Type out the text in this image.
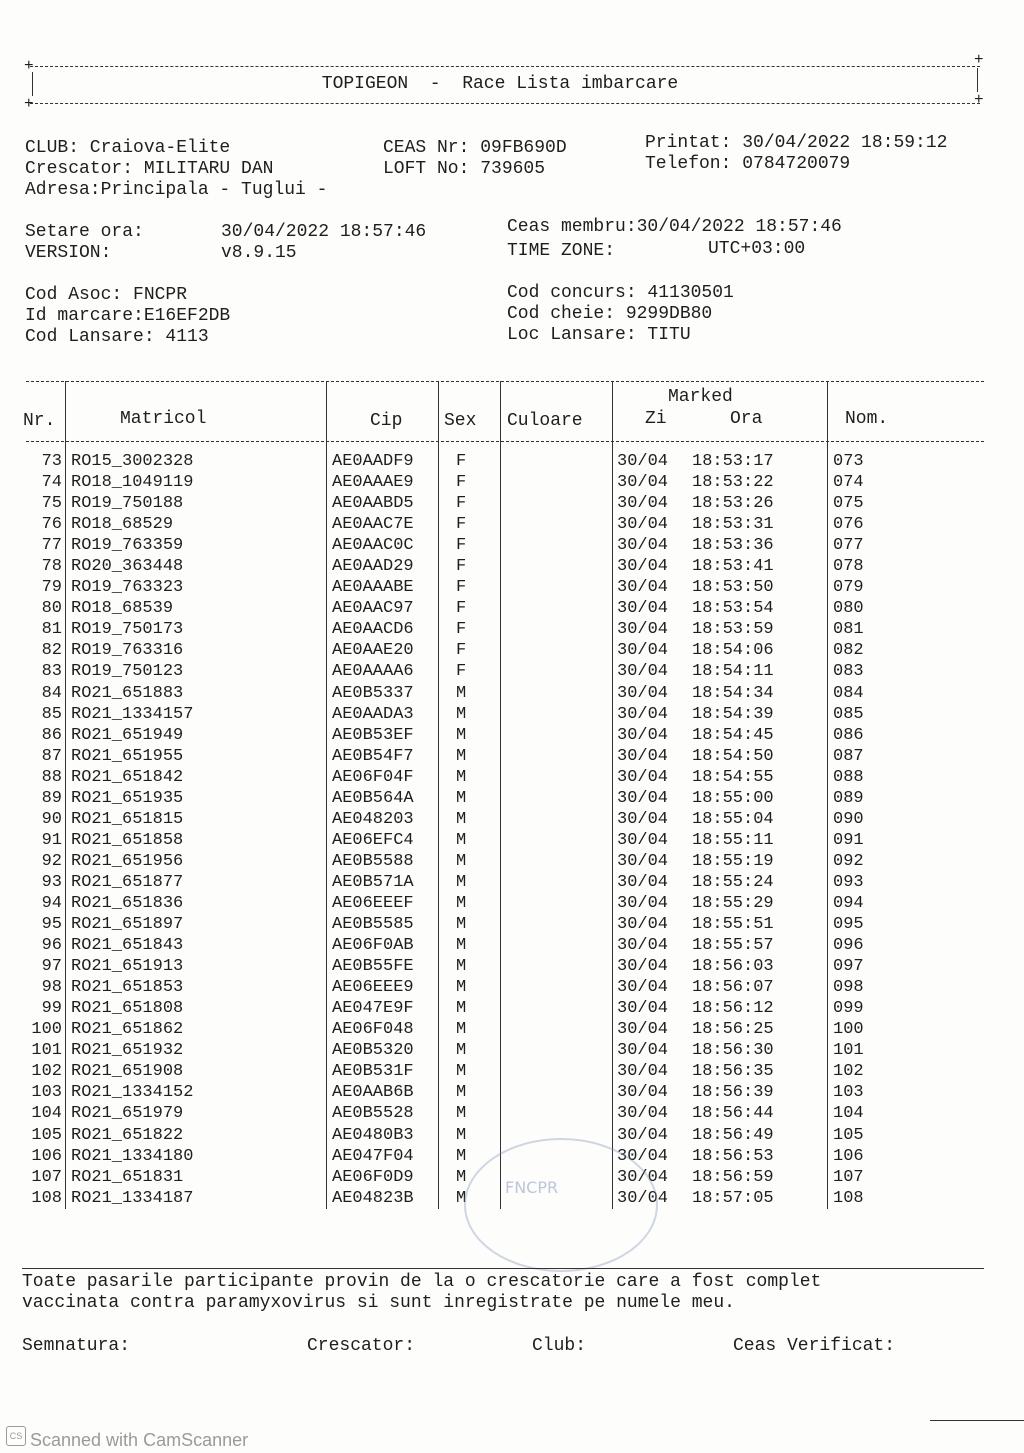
+	+
TOPIGEON  -  Race Lista imbarcare
+	+
CLUB: Craiova-Elite
Crescator: MILITARU DAN
Adresa:Principala - Tuglui -
CEAS Nr: 09FB690D
LOFT No: 739605
Printat: 30/04/2022 18:59:12
Telefon: 0784720079
Setare ora:	30/04/2022 18:57:46
VERSION:	v8.9.15
Ceas membru:30/04/2022 18:57:46
TIME ZONE:	UTC+03:00
Cod Asoc: FNCPR
Id marcare:E16EF2DB
Cod Lansare: 4113
Cod concurs: 41130501
Cod cheie: 9299DB80
Loc Lansare: TITU
Nr.	Matricol	Cip Sex Culoare
Marked
Zi	Ora	Nom.
73 RO15_3002328	AE0AADF9 F	30/04 18:53:17	073
74 RO18_1049119	AE0AAAE9 F	30/04 18:53:22	074
75 RO19_750188	AE0AABD5 F	30/04 18:53:26	075
76 RO18_68529	AE0AAC7E F	30/04 18:53:31	076
77 RO19_763359	AE0AAC0C F	30/04 18:53:36	077
78 RO20_363448	AE0AAD29 F	30/04 18:53:41	078
79 RO19_763323	AE0AAABE F	30/04 18:53:50	079
80 RO18_68539	AE0AAC97 F	30/04 18:53:54	080
81 RO19_750173	AE0AACD6 F	30/04 18:53:59	081
82 RO19_763316	AE0AAE20 F	30/04 18:54:06	082
83 RO19_750123	AE0AAAA6 F	30/04 18:54:11	083
84 RO21_651883	AE0B5337 M	30/04 18:54:34	084
85 RO21_1334157	AE0AADA3 M	30/04 18:54:39	085
86 RO21_651949	AE0B53EF M	30/04 18:54:45	086
87 RO21_651955	AE0B54F7 M	30/04 18:54:50	087
88 RO21_651842	AE06F04F M	30/04 18:54:55	088
89 RO21_651935	AE0B564A M	30/04 18:55:00	089
90 RO21_651815	AE048203 M	30/04 18:55:04	090
91 RO21_651858	AE06EFC4 M	30/04 18:55:11	091
92 RO21_651956	AE0B5588 M	30/04 18:55:19	092
93 RO21_651877	AE0B571A M	30/04 18:55:24	093
94 RO21_651836	AE06EEEF M	30/04 18:55:29	094
95 RO21_651897	AE0B5585 M	30/04 18:55:51	095
96 RO21_651843	AE06F0AB M	30/04 18:55:57	096
97 RO21_651913	AE0B55FE M	30/04 18:56:03	097
98 RO21_651853	AE06EEE9 M	30/04 18:56:07	098
99 RO21_651808	AE047E9F M	30/04 18:56:12	099
100 RO21_651862	AE06F048 M	30/04 18:56:25	100
101 RO21_651932	AE0B5320 M	30/04 18:56:30	101
102 RO21_651908	AE0B531F M	30/04 18:56:35	102
103 RO21_1334152	AE0AAB6B M	30/04 18:56:39	103
104 RO21_651979	AE0B5528 M	30/04 18:56:44	104
105 RO21_651822	AE0480B3 M	30/04 18:56:49	105
106 RO21_1334180	AE047F04 M	30/04 18:56:53	106
107 RO21_651831	AE06F0D9 M	30/04 18:56:59	107
108 RO21_1334187	AE04823B M	30/04 18:57:05	108
FNCPR
Toate pasarile participante provin de la o crescatorie care a fost complet
vaccinata contra paramyxovirus si sunt inregistrate pe numele meu.
Semnatura:	Crescator:	Club:	Ceas Verificat:
CS Scanned with CamScanner
